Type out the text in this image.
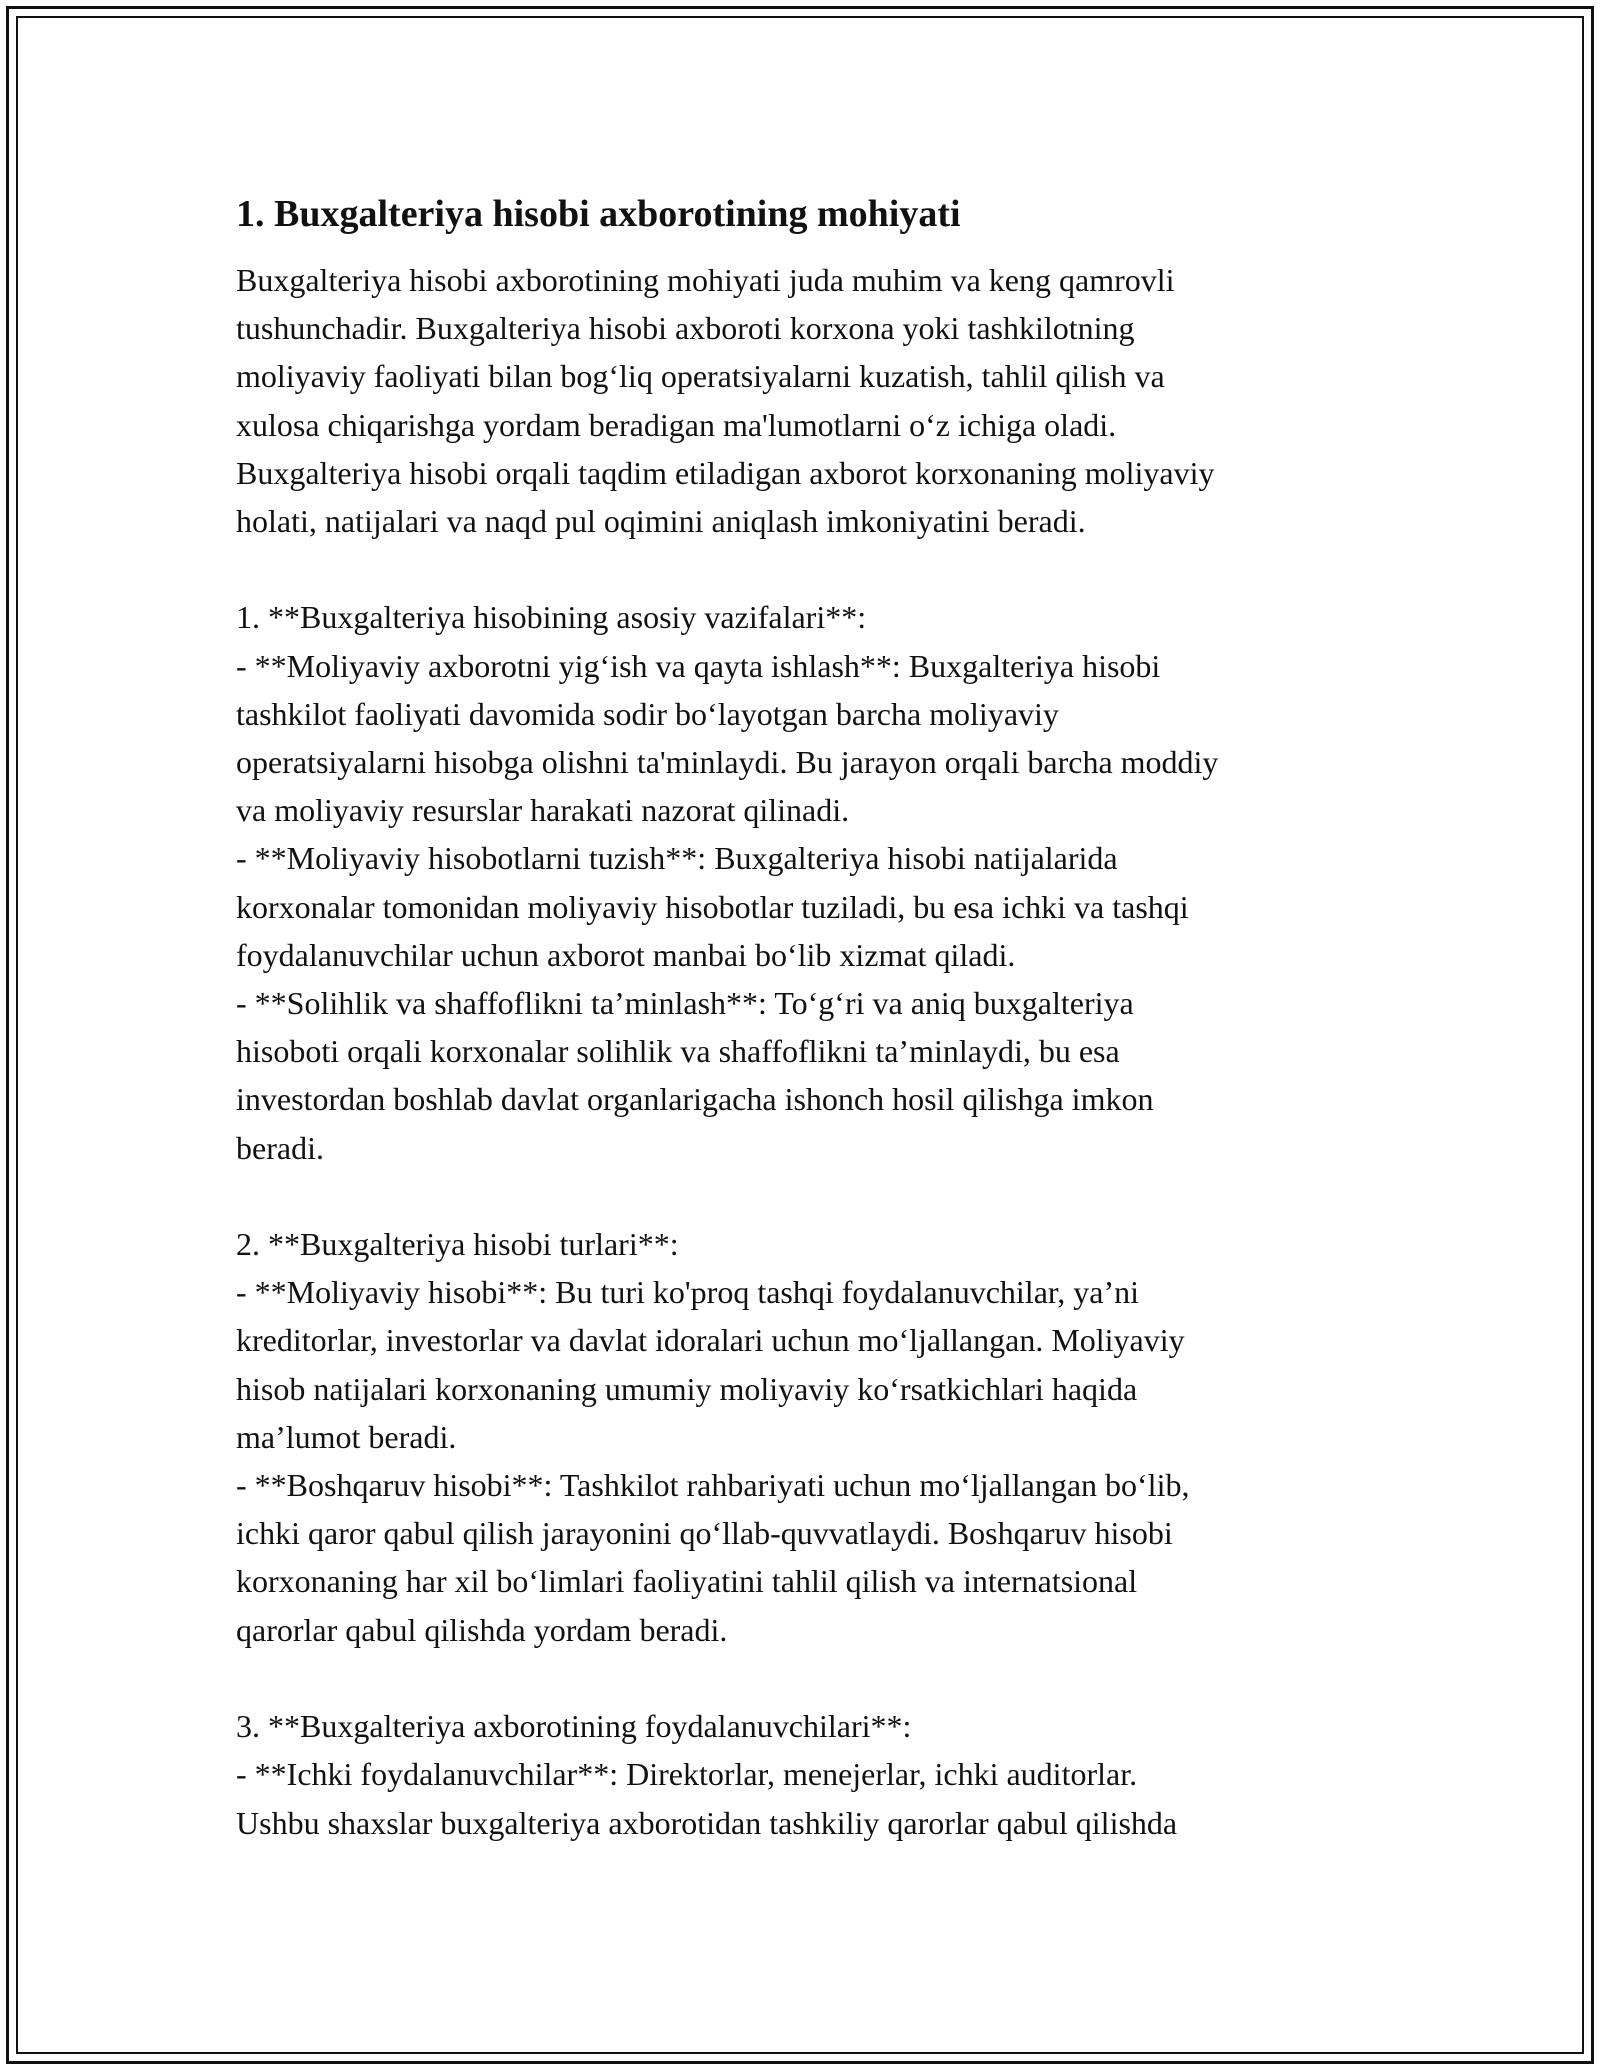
1. Buxgalteriya hisobi axborotining mohiyati
Buxgalteriya hisobi axborotining mohiyati juda muhim va keng qamrovli
tushunchadir. Buxgalteriya hisobi axboroti korxona yoki tashkilotning
moliyaviy faoliyati bilan bog‘liq operatsiyalarni kuzatish, tahlil qilish va
xulosa chiqarishga yordam beradigan ma'lumotlarni o‘z ichiga oladi.
Buxgalteriya hisobi orqali taqdim etiladigan axborot korxonaning moliyaviy
holati, natijalari va naqd pul oqimini aniqlash imkoniyatini beradi.

1. **Buxgalteriya hisobining asosiy vazifalari**:
- **Moliyaviy axborotni yig‘ish va qayta ishlash**: Buxgalteriya hisobi
tashkilot faoliyati davomida sodir bo‘layotgan barcha moliyaviy
operatsiyalarni hisobga olishni ta'minlaydi. Bu jarayon orqali barcha moddiy
va moliyaviy resurslar harakati nazorat qilinadi.
- **Moliyaviy hisobotlarni tuzish**: Buxgalteriya hisobi natijalarida
korxonalar tomonidan moliyaviy hisobotlar tuziladi, bu esa ichki va tashqi
foydalanuvchilar uchun axborot manbai bo‘lib xizmat qiladi.
- **Solihlik va shaffoflikni ta’minlash**: To‘g‘ri va aniq buxgalteriya
hisoboti orqali korxonalar solihlik va shaffoflikni ta’minlaydi, bu esa
investordan boshlab davlat organlarigacha ishonch hosil qilishga imkon
beradi.

2. **Buxgalteriya hisobi turlari**:
- **Moliyaviy hisobi**: Bu turi ko'proq tashqi foydalanuvchilar, ya’ni
kreditorlar, investorlar va davlat idoralari uchun mo‘ljallangan. Moliyaviy
hisob natijalari korxonaning umumiy moliyaviy ko‘rsatkichlari haqida
ma’lumot beradi.
- **Boshqaruv hisobi**: Tashkilot rahbariyati uchun mo‘ljallangan bo‘lib,
ichki qaror qabul qilish jarayonini qo‘llab-quvvatlaydi. Boshqaruv hisobi
korxonaning har xil bo‘limlari faoliyatini tahlil qilish va internatsional
qarorlar qabul qilishda yordam beradi.

3. **Buxgalteriya axborotining foydalanuvchilari**:
- **Ichki foydalanuvchilar**: Direktorlar, menejerlar, ichki auditorlar.
Ushbu shaxslar buxgalteriya axborotidan tashkiliy qarorlar qabul qilishda
